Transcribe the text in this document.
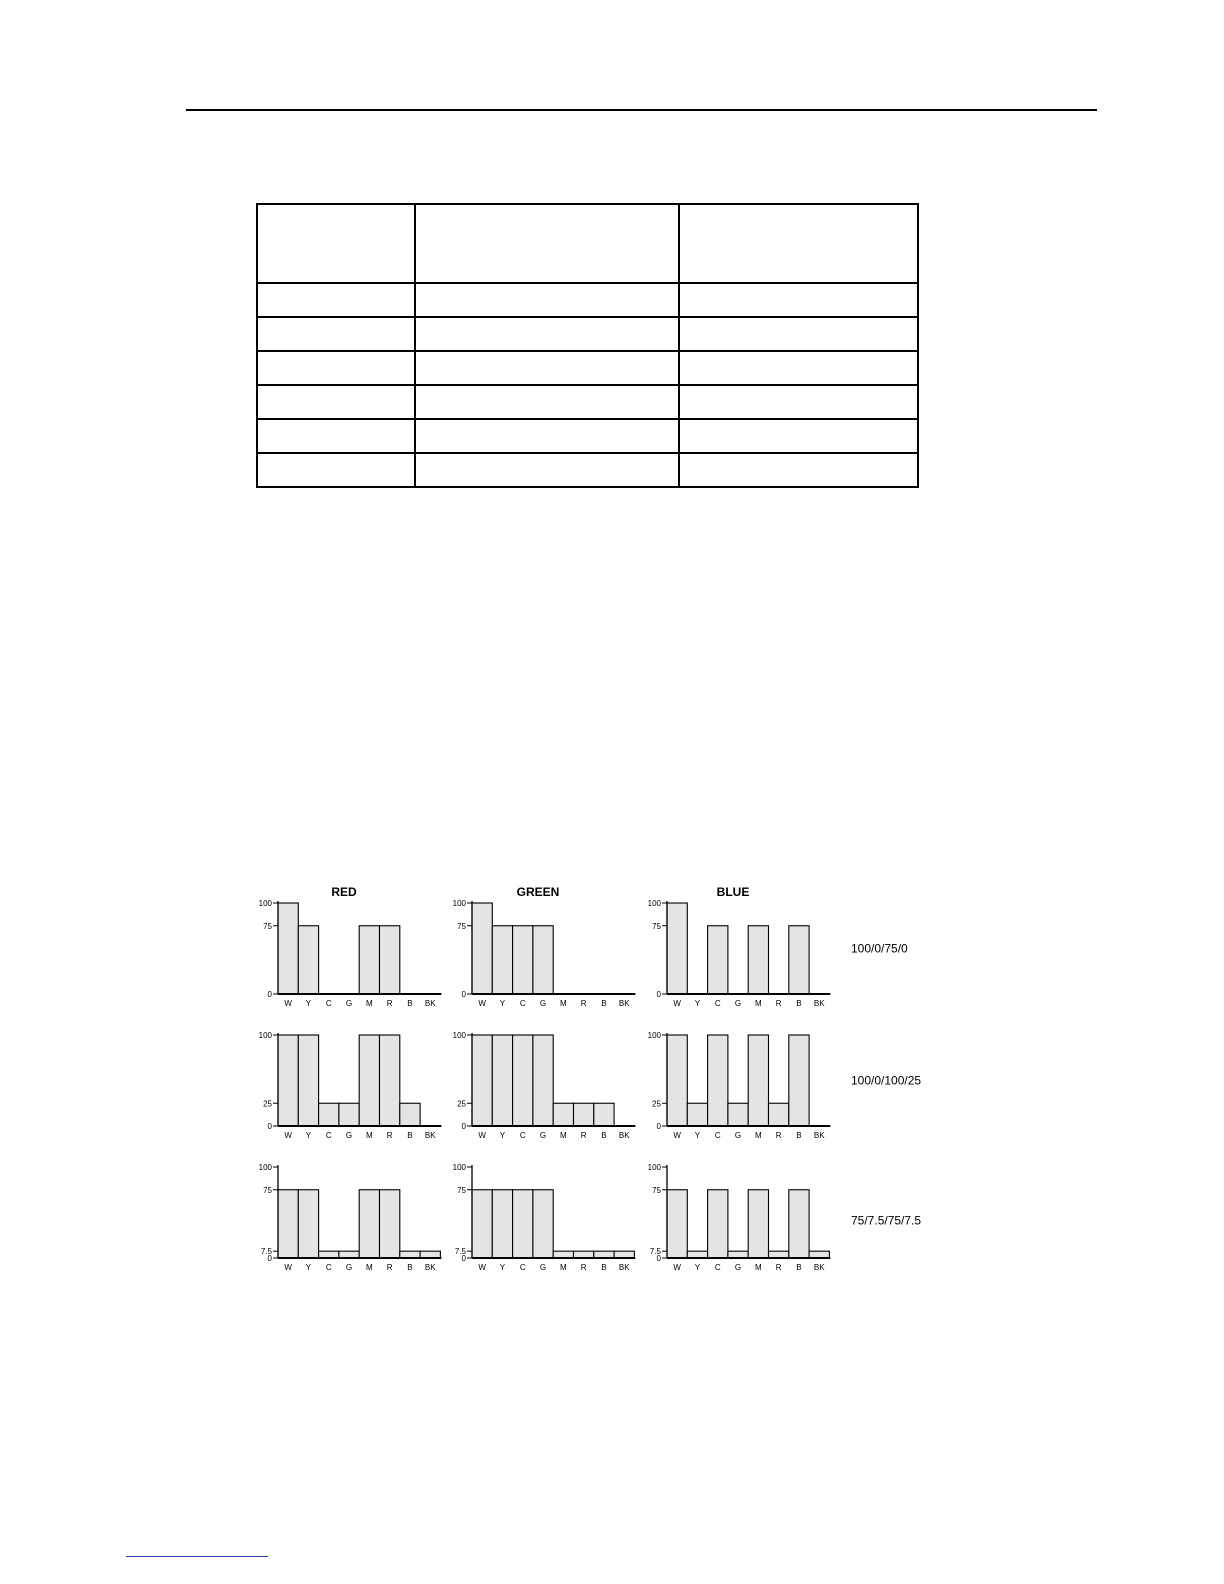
RED	GREEN	BLUE
0
75
100
W Y C G M R B BK
0
75
100
W Y C G M R B BK
0
75
100
W Y C G M R B BK
100/0/75/0
0
25
100
W Y C G M R B BK
0
25
100
W Y C G M R B BK
0
25
100
W Y C G M R B BK
100/0/100/25
0
7.5
75
100
W Y C G M R B BK
0
7.5
75
100
W Y C G M R B BK
0
7.5
75
100
W Y C G M R B BK
75/7.5/75/7.5
